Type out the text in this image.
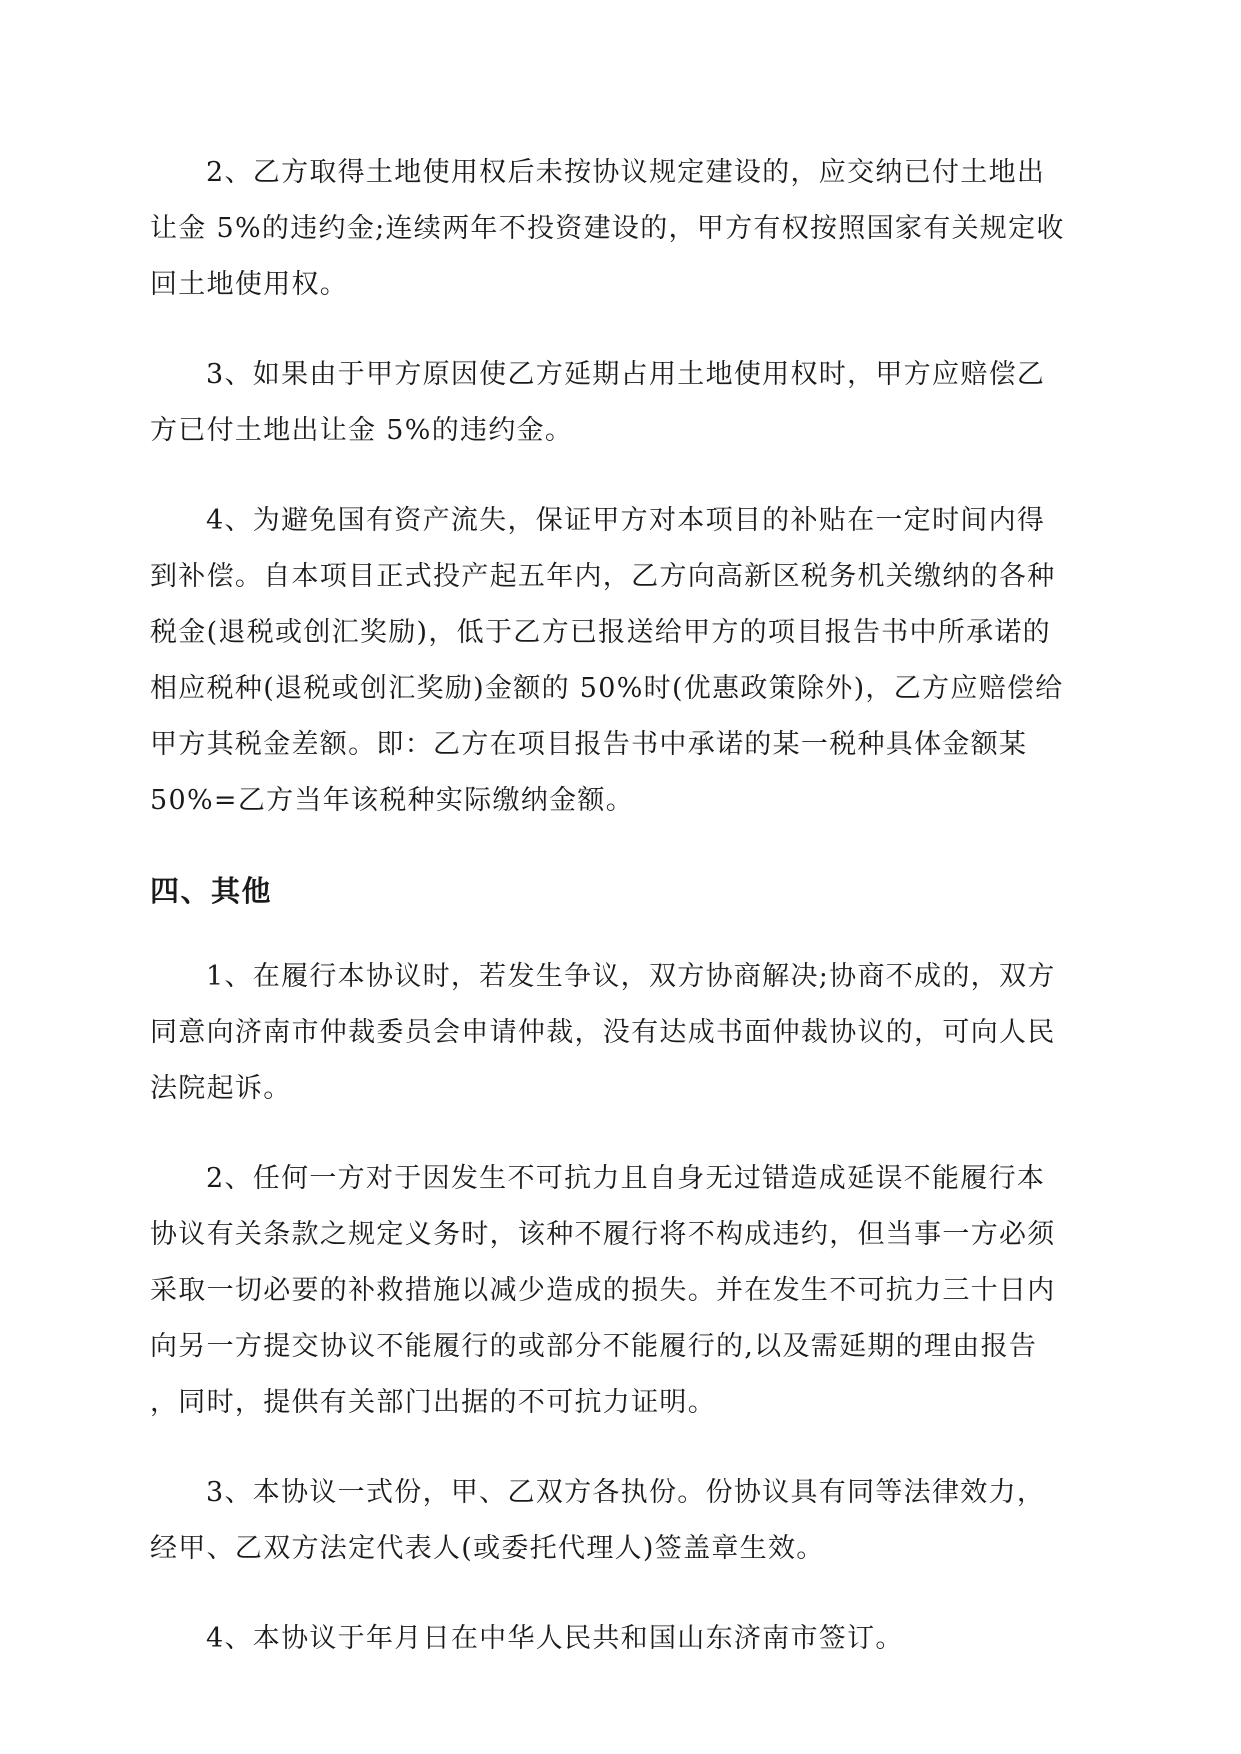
2、乙方取得土地使用权后未按协议规定建设的，应交纳已付土地出
让金 5%的违约金;连续两年不投资建设的，甲方有权按照国家有关规定收
回土地使用权。
3、如果由于甲方原因使乙方延期占用土地使用权时，甲方应赔偿乙
方已付土地出让金 5%的违约金。
4、为避免国有资产流失，保证甲方对本项目的补贴在一定时间内得
到补偿。自本项目正式投产起五年内，乙方向高新区税务机关缴纳的各种
税金(退税或创汇奖励)，低于乙方已报送给甲方的项目报告书中所承诺的
相应税种(退税或创汇奖励)金额的 50%时(优惠政策除外)，乙方应赔偿给
甲方其税金差额。即：乙方在项目报告书中承诺的某一税种具体金额某
50%=乙方当年该税种实际缴纳金额。
四、其他
1、在履行本协议时，若发生争议，双方协商解决;协商不成的，双方
同意向济南市仲裁委员会申请仲裁，没有达成书面仲裁协议的，可向人民
法院起诉。
2、任何一方对于因发生不可抗力且自身无过错造成延误不能履行本
协议有关条款之规定义务时，该种不履行将不构成违约，但当事一方必须
采取一切必要的补救措施以减少造成的损失。并在发生不可抗力三十日内
向另一方提交协议不能履行的或部分不能履行的,以及需延期的理由报告
，同时，提供有关部门出据的不可抗力证明。
3、本协议一式份，甲、乙双方各执份。份协议具有同等法律效力，
经甲、乙双方法定代表人(或委托代理人)签盖章生效。
4、本协议于年月日在中华人民共和国山东济南市签订。
